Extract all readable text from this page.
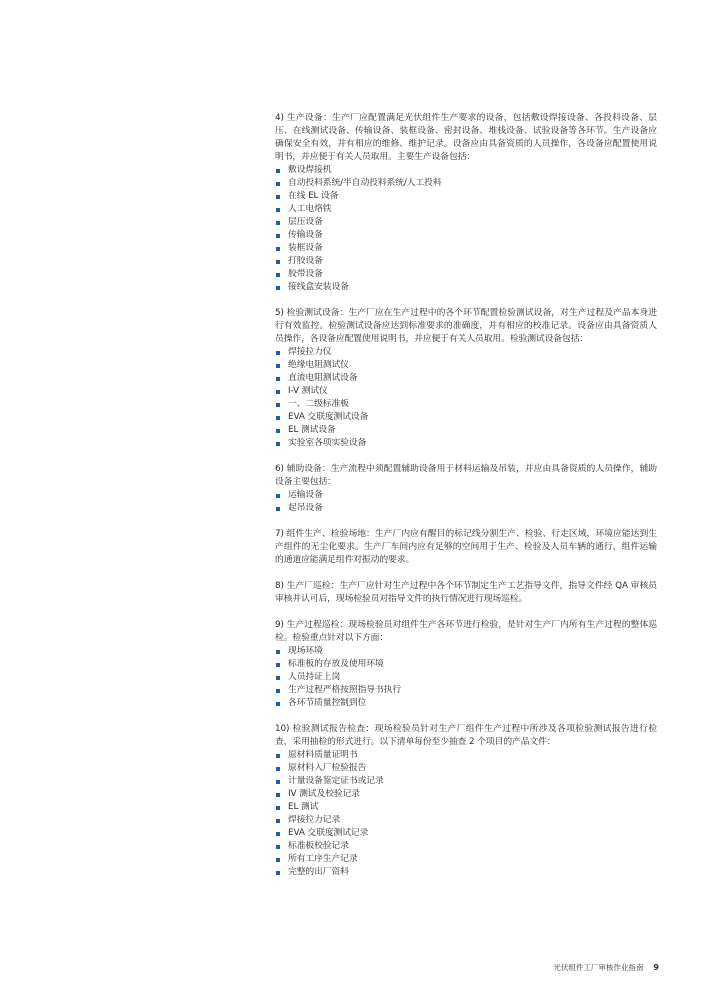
4) 生产设备：生产厂应配置满足光伏组件生产要求的设备，包括敷设焊接设备、各投料设备、层压、在线测试设备、传输设备、装框设备、密封设备、堆栈设备、试验设备等各环节。生产设备应确保安全有效，并有相应的维修、维护记录。设备应由具备资质的人员操作，各设备应配置使用说明书，并应便于有关人员取用。主要生产设备包括：

敷设焊接机
自动投料系统/半自动投料系统/人工投料
在线 EL 设备
人工电烙铁
层压设备
传输设备
装框设备
打胶设备
胶带设备
接线盒安装设备

5) 检验测试设备：生产厂应在生产过程中的各个环节配置检验测试设备，对生产过程及产品本身进行有效监控。检验测试设备应达到标准要求的准确度，并有相应的校准记录。设备应由具备资质人员操作，各设备应配置使用说明书，并应便于有关人员取用。检验测试设备包括：

焊接拉力仪
绝缘电阻测试仪
直流电阻测试设备
I-V 测试仪
一、二级标准板
EVA 交联度测试设备
EL 测试设备
实验室各项实验设备

6) 辅助设备：生产流程中须配置辅助设备用于材料运输及吊装，并应由具备资质的人员操作，辅助设备主要包括：

运输设备
起吊设备

7) 组件生产、检验场地：生产厂内应有醒目的标记线分割生产、检验、行走区域，环境应能达到生产组件的无尘化要求。生产厂车间内应有足够的空间用于生产、检验及人员车辆的通行，组件运输的通道应能满足组件对振动的要求。

8) 生产厂巡检：生产厂应针对生产过程中各个环节制定生产工艺指导文件，指导文件经 QA 审核员审核并认可后，现场检验员对指导文件的执行情况进行现场巡检。

9) 生产过程巡检：现场检验员对组件生产各环节进行检验，是针对生产厂内所有生产过程的整体巡检。检验重点针对以下方面：

现场环境
标准板的存放及使用环境
人员持证上岗
生产过程严格按照指导书执行
各环节质量控制到位

10) 检验测试报告检查：现场检验员针对生产厂组件生产过程中所涉及各项检验测试报告进行检查，采用抽检的形式进行。以下清单每份至少抽查 2 个项目的产品文件：

原材料质量证明书
原材料入厂检验报告
计量设备鉴定证书或记录
IV 测试及校验记录
EL 测试
焊接拉力记录
EVA 交联度测试记录
标准板校验记录
所有工序生产记录
完整的出厂资料
光伏组件工厂审核作业指南 9
